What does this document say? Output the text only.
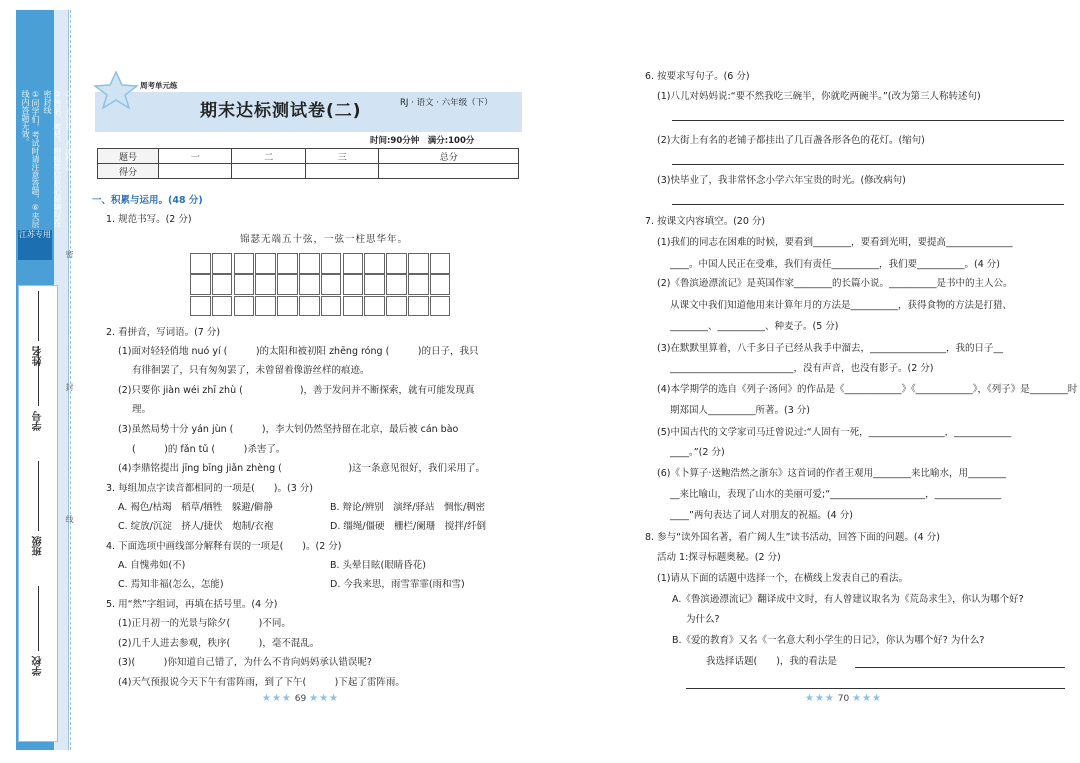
①同学们，考试时请注意答题，⑥夹层线内答题无效。	②姓名、考号、班级等信息必须填写在密封线	③字迹清楚，卷面整洁
江苏专用
学校
班级
学号
姓名
密
封
线
周考单元练
期末达标测试卷(二)	RJ · 语文 · 六年级（下）
时间:90分钟　满分:100分
题号	一	二	三	总分
得分				
一、积累与运用。(48 分)
1. 规范书写。(2 分)
锦瑟无端五十弦，一弦一柱思华年。
2. 看拼音，写词语。(7 分)
(1)面对轻轻俏地 nuó yí (　　　)的太阳和被初阳 zhēng róng (　　　)的日子，我只
有徘徊罢了，只有匆匆罢了，未曾留着像游丝样的痕迹。
(2)只要你 jiàn wéi zhī zhù (　　　　　　)，善于发问并不断探索，就有可能发现真
理。
(3)虽然局势十分 yán jùn (　　　)，李大钊仍然坚持留在北京，最后被 cán bào
(　　　)的 fǎn tǔ (　　　)杀害了。
(4)李鼎铭提出 jīng bīng jiǎn zhèng (　　　　　　　)这一条意见很好，我们采用了。
3. 每组加点字读音都相同的一项是(　　)。(3 分)
A. 褐色/枯竭　稻草/牺牲　躲避/僻静	B. 辩论/辨别　演绎/驿站　惆怅/稠密
C. 绽放/沉淀　挤人/捷伏　炮制/衣袍	D. 缰绳/僵硬　栅栏/阑珊　搅拌/纤倒
4. 下面选项中画线部分解释有误的一项是(　　)。(2 分)
A. 自愧弗如(不)	B. 头晕目眩(眼睛昏花)
C. 焉知非福(怎么，怎能)	D. 今我来思，雨雪霏霏(雨和雪)
5. 用“然”字组词，再填在括号里。(4 分)
(1)正月初一的光景与除夕(　　　)不同。
(2)几千人进去参观，秩序(　　　)，毫不混乱。
(3)(　　　)你知道自己错了，为什么不肯向妈妈承认错误呢?
(4)天气预报说今天下午有雷阵雨，到了下午(　　　)下起了雷阵雨。
★★★ 69 ★★★
6. 按要求写句子。(6 分)
(1)八儿对妈妈说:“要不然我吃三碗半，你就吃两碗半。”(改为第三人称转述句)
(2)大街上有名的老铺子都挂出了几百盏各形各色的花灯。(缩句)
(3)快毕业了，我非常怀念小学六年宝贵的时光。(修改病句)
7. 按课文内容填空。(20 分)
(1)我们的同志在困难的时候，要看到________，要看到光明，要提高______________
____。中国人民正在受难，我们有责任__________，我们要__________。(4 分)
(2)《鲁滨逊漂流记》是英国作家________的长篇小说。__________是书中的主人公。
从课文中我们知道他用来计算年月的方法是__________，获得食物的方法是打猎、
________、__________、种麦子。(5 分)
(3)在默默里算着，八千多日子已经从我手中溜去，________________，我的日子__
__________________________，没有声音，也没有影子。(2 分)
(4)本学期学的选自《列子·汤问》的作品是《____________》《____________》，《列子》是________时
期郑国人__________所著。(3 分)
(5)中国古代的文学家司马迁曾说过:“人固有一死，________________，____________
____。”(2 分)
(6)《卜算子·送鲍浩然之浙东》这首词的作者王观用________来比喻水，用________
__来比喻山，表现了山水的美丽可爱;“____________________，______________
____”两句表达了词人对朋友的祝福。(4 分)
8. 参与“读外国名著，看广阔人生”读书活动，回答下面的问题。(4 分)
活动 1:探寻标题奥秘。(2 分)
(1)请从下面的话题中选择一个，在横线上发表自己的看法。
A.《鲁滨逊漂流记》翻译成中文时，有人曾建议取名为《荒岛求生》，你认为哪个好?
为什么?
B.《爱的教育》又名《一名意大利小学生的日记》，你认为哪个好? 为什么?
我选择话题(　　)，我的看法是
★★★ 70 ★★★
